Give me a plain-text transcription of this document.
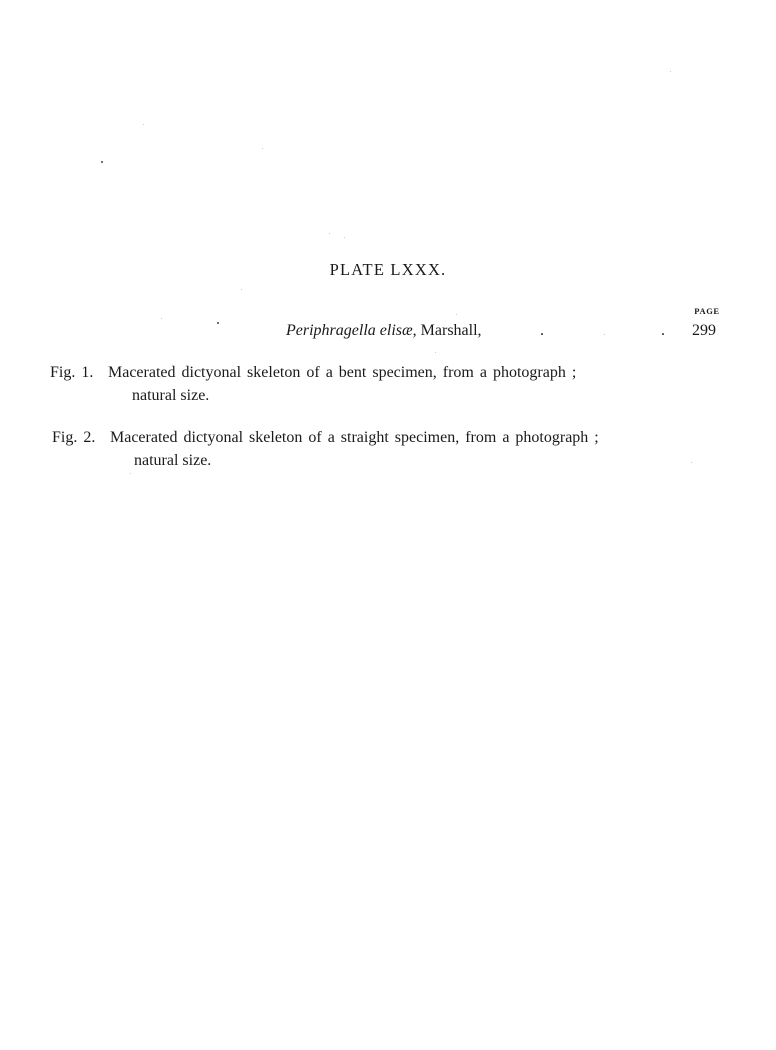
PLATE LXXX.
PAGE
Periphragella elisæ, Marshall,	.	. 299
Fig. 1. Macerated dictyonal skeleton of a bent specimen, from a photograph ;
natural size.
Fig. 2. Macerated dictyonal skeleton of a straight specimen, from a photograph ;
natural size.
